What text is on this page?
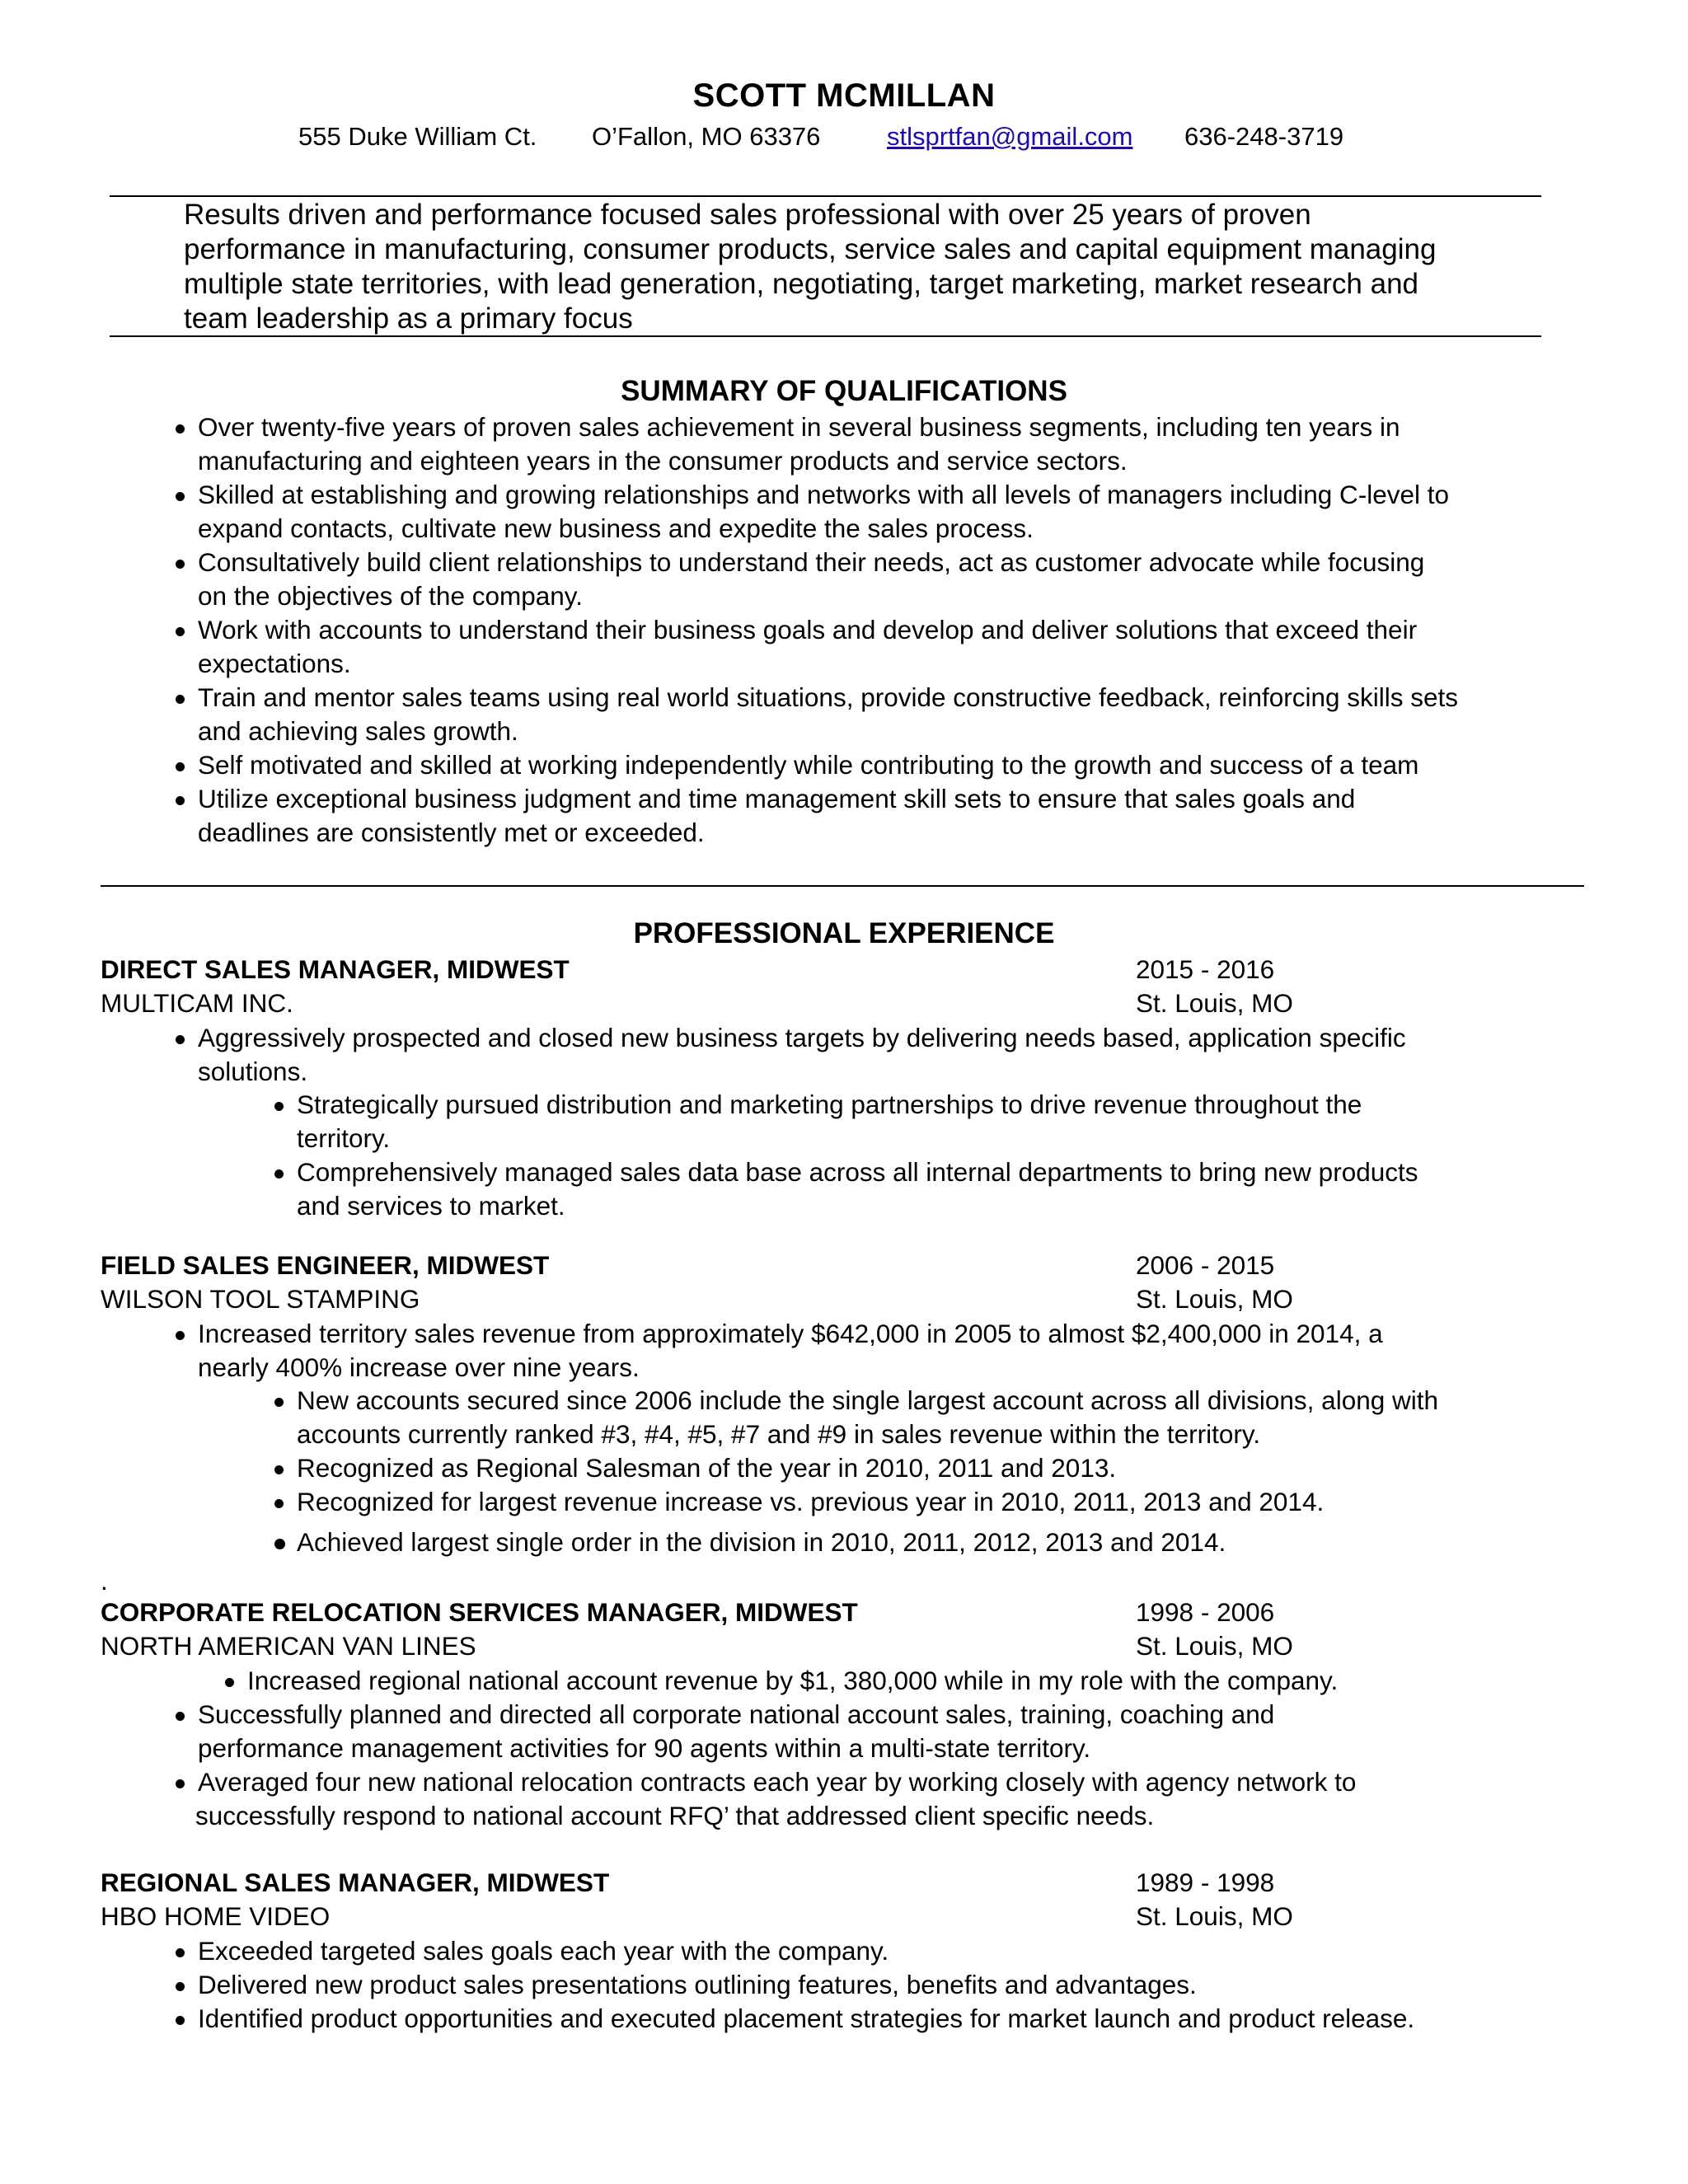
SCOTT MCMILLAN
555 Duke William Ct. O’Fallon, MO 63376	stlsprtfan@gmail.com 636-248-3719
Results driven and performance focused sales professional with over 25 years of proven
performance in manufacturing, consumer products, service sales and capital equipment managing
multiple state territories, with lead generation, negotiating, target marketing, market research and
team leadership as a primary focus
SUMMARY OF QUALIFICATIONS
Over twenty-five years of proven sales achievement in several business segments, including ten years in
manufacturing and eighteen years in the consumer products and service sectors.
Skilled at establishing and growing relationships and networks with all levels of managers including C-level to
expand contacts, cultivate new business and expedite the sales process.
Consultatively build client relationships to understand their needs, act as customer advocate while focusing
on the objectives of the company.
Work with accounts to understand their business goals and develop and deliver solutions that exceed their
expectations.
Train and mentor sales teams using real world situations, provide constructive feedback, reinforcing skills sets
and achieving sales growth.
Self motivated and skilled at working independently while contributing to the growth and success of a team
Utilize exceptional business judgment and time management skill sets to ensure that sales goals and
deadlines are consistently met or exceeded.
PROFESSIONAL EXPERIENCE
DIRECT SALES MANAGER, MIDWEST	2015 - 2016
MULTICAM INC.	St. Louis, MO
Aggressively prospected and closed new business targets by delivering needs based, application specific
solutions.
Strategically pursued distribution and marketing partnerships to drive revenue throughout the
territory.
Comprehensively managed sales data base across all internal departments to bring new products
and services to market.
FIELD SALES ENGINEER, MIDWEST	2006 - 2015
WILSON TOOL STAMPING	St. Louis, MO
Increased territory sales revenue from approximately $642,000 in 2005 to almost $2,400,000 in 2014, a
nearly 400% increase over nine years.
New accounts secured since 2006 include the single largest account across all divisions, along with
accounts currently ranked #3, #4, #5, #7 and #9 in sales revenue within the territory.
Recognized as Regional Salesman of the year in 2010, 2011 and 2013.
Recognized for largest revenue increase vs. previous year in 2010, 2011, 2013 and 2014.
Achieved largest single order in the division in 2010, 2011, 2012, 2013 and 2014.
.
CORPORATE RELOCATION SERVICES MANAGER, MIDWEST	1998 - 2006
NORTH AMERICAN VAN LINES	St. Louis, MO
Increased regional national account revenue by $1, 380,000 while in my role with the company.
Successfully planned and directed all corporate national account sales, training, coaching and
performance management activities for 90 agents within a multi-state territory.
Averaged four new national relocation contracts each year by working closely with agency network to
successfully respond to national account RFQ’ that addressed client specific needs.
REGIONAL SALES MANAGER, MIDWEST	1989 - 1998
HBO HOME VIDEO	St. Louis, MO
Exceeded targeted sales goals each year with the company.
Delivered new product sales presentations outlining features, benefits and advantages.
Identified product opportunities and executed placement strategies for market launch and product release.
